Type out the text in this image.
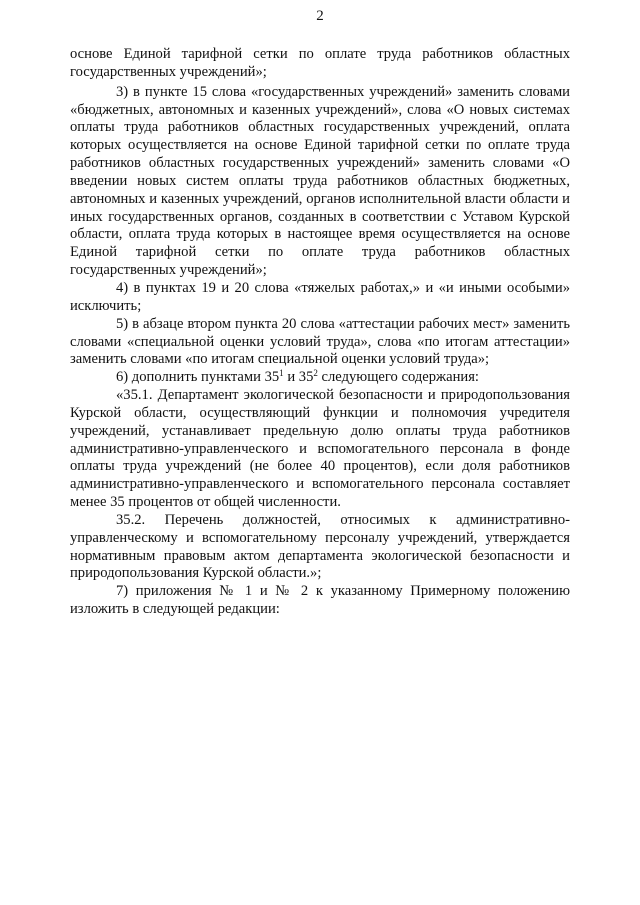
2

основе Единой тарифной сетки по оплате труда работников областных государственных учреждений»;

3) в пункте 15 слова «государственных учреждений» заменить словами «бюджетных, автономных и казенных учреждений», слова «О новых системах оплаты труда работников областных государственных учреждений, оплата которых осуществляется на основе Единой тарифной сетки по оплате труда работников областных государственных учреждений» заменить словами «О введении новых систем оплаты труда работников областных бюджетных, автономных и казенных учреждений, органов исполнительной власти области и иных государственных органов, созданных в соответствии с Уставом Курской области, оплата труда которых в настоящее время осуществляется на основе Единой тарифной сетки по оплате труда работников областных государственных учреждений»;

4) в пунктах 19 и 20 слова «тяжелых работах,» и «и иными особыми» исключить;

5) в абзаце втором пункта 20 слова «аттестации рабочих мест» заменить словами «специальной оценки условий труда», слова «по итогам аттестации» заменить словами «по итогам специальной оценки условий труда»;

6) дополнить пунктами $35^1$ и $35^2$ следующего содержания:

«35.1. Департамент экологической безопасности и природопользования Курской области, осуществляющий функции и полномочия учредителя учреждений, устанавливает предельную долю оплаты труда работников административно-управленческого и вспомогательного персонала в фонде оплаты труда учреждений (не более 40 процентов), если доля работников административно-управленческого и вспомогательного персонала составляет менее 35 процентов от общей численности.

35.2. Перечень должностей, относимых к административно-управленческому и вспомогательному персоналу учреждений, утверждается нормативным правовым актом департамента экологической безопасности и природопользования Курской области.»;

7) приложения № 1 и № 2 к указанному Примерному положению изложить в следующей редакции:
